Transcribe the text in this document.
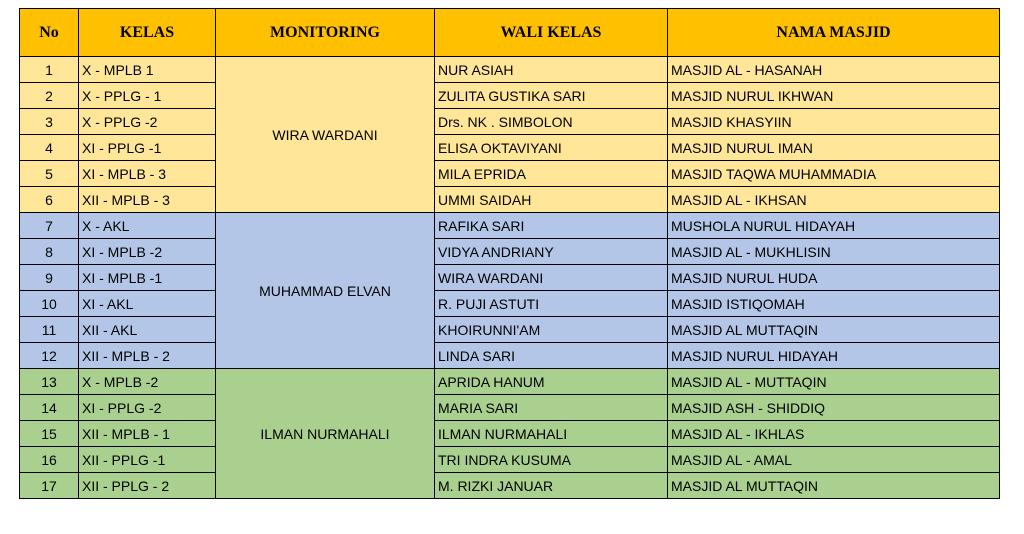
No	KELAS	MONITORING	WALI KELAS	NAMA MASJID
1	X - MPLB 1	WIRA WARDANI	NUR ASIAH	MASJID AL - HASANAH
2	X - PPLG - 1		ZULITA GUSTIKA SARI	MASJID NURUL IKHWAN
3	X - PPLG -2		Drs. NK . SIMBOLON	MASJID KHASYIIN
4	XI - PPLG -1		ELISA OKTAVIYANI	MASJID NURUL IMAN
5	XI - MPLB - 3		MILA EPRIDA	MASJID TAQWA MUHAMMADIA
6	XII - MPLB - 3		UMMI SAIDAH	MASJID AL - IKHSAN
7	X - AKL	MUHAMMAD ELVAN	RAFIKA SARI	MUSHOLA NURUL HIDAYAH
8	XI - MPLB -2		VIDYA ANDRIANY	MASJID AL - MUKHLISIN
9	XI - MPLB -1		WIRA WARDANI	MASJID NURUL HUDA
10	XI - AKL		R. PUJI ASTUTI	MASJID ISTIQOMAH
11	XII - AKL		KHOIRUNNI'AM	MASJID AL MUTTAQIN
12	XII - MPLB - 2		LINDA SARI	MASJID NURUL HIDAYAH
13	X - MPLB -2	ILMAN NURMAHALI	APRIDA HANUM	MASJID AL - MUTTAQIN
14	XI - PPLG -2		MARIA SARI	MASJID ASH - SHIDDIQ
15	XII - MPLB - 1		ILMAN NURMAHALI	MASJID AL - IKHLAS
16	XII - PPLG -1		TRI INDRA KUSUMA	MASJID AL - AMAL
17	XII - PPLG - 2		M. RIZKI JANUAR	MASJID AL MUTTAQIN
